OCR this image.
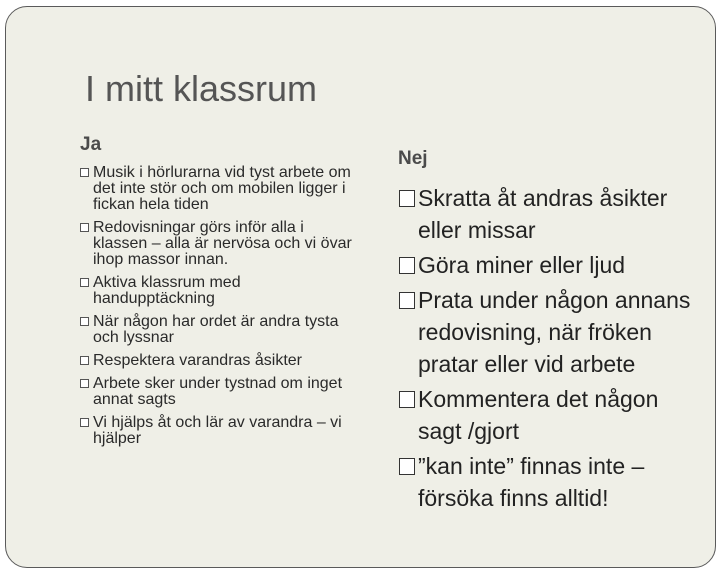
I mitt klassrum
Ja
Nej
Musik i hörlurarna vid tyst arbete om det inte stör och om mobilen ligger i fickan hela tiden
Redovisningar görs inför alla i klassen – alla är nervösa och vi övar ihop massor innan.
Aktiva klassrum med handupptäckning
När någon har ordet är andra tysta och lyssnar
Respektera varandras åsikter
Arbete sker under tystnad om inget annat sagts
Vi hjälps åt och lär av varandra – vi hjälper
Skratta åt andras åsikter eller missar
Göra miner eller ljud
Prata under någon annans redovisning, när fröken pratar eller vid arbete
Kommentera det någon sagt /gjort
”kan inte” finnas inte – försöka finns alltid!
